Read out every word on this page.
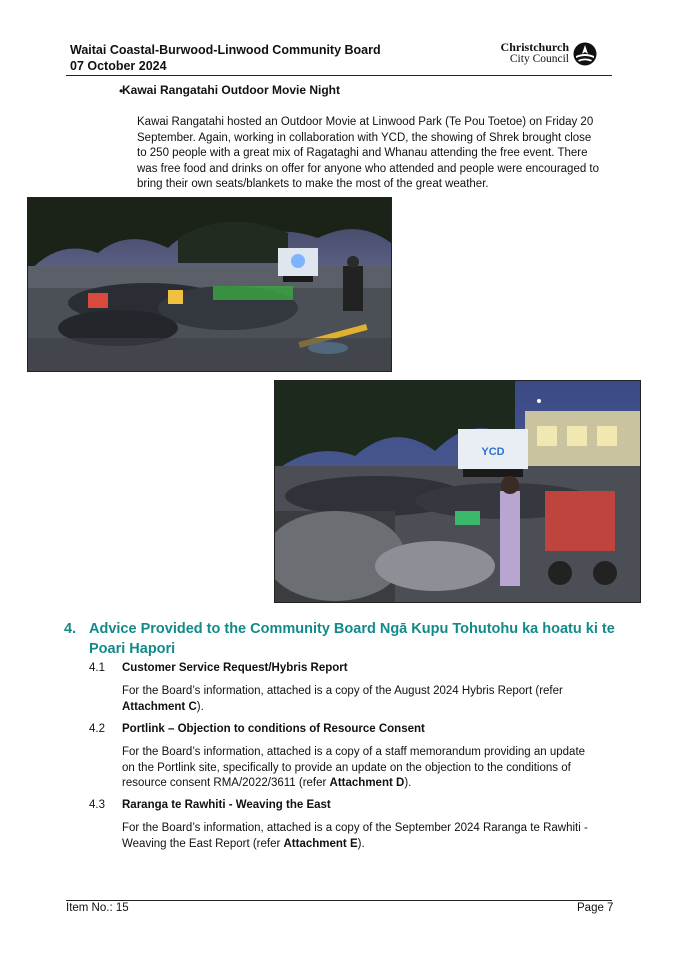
Waitai Coastal-Burwood-Linwood Community Board
07 October 2024
Christchurch
City Council
•
Kawai Rangatahi Outdoor Movie Night
Kawai Rangatahi hosted an Outdoor Movie at Linwood Park (Te Pou Toetoe) on Friday 20
September. Again, working in collaboration with YCD, the showing of Shrek brought close
to 250 people with a great mix of Ragataghi and Whanau attending the free event. There
was free food and drinks on offer for anyone who attended and people were encouraged to
bring their own seats/blankets to make the most of the great weather.
YCD
4. Advice Provided to the Community Board Ngā Kupu Tohutohu ka hoatu ki te
Poari Hapori
4.1 Customer Service Request/Hybris Report
For the Board’s information, attached is a copy of the August 2024 Hybris Report (refer
Attachment C).
4.2 Portlink – Objection to conditions of Resource Consent
For the Board’s information, attached is a copy of a staff memorandum providing an update
on the Portlink site, specifically to provide an update on the objection to the conditions of
resource consent RMA/2022/3611 (refer Attachment D).
4.3 Raranga te Rawhiti - Weaving the East
For the Board’s information, attached is a copy of the September 2024 Raranga te Rawhiti -
Weaving the East Report (refer Attachment E).
Item No.: 15	Page 7
